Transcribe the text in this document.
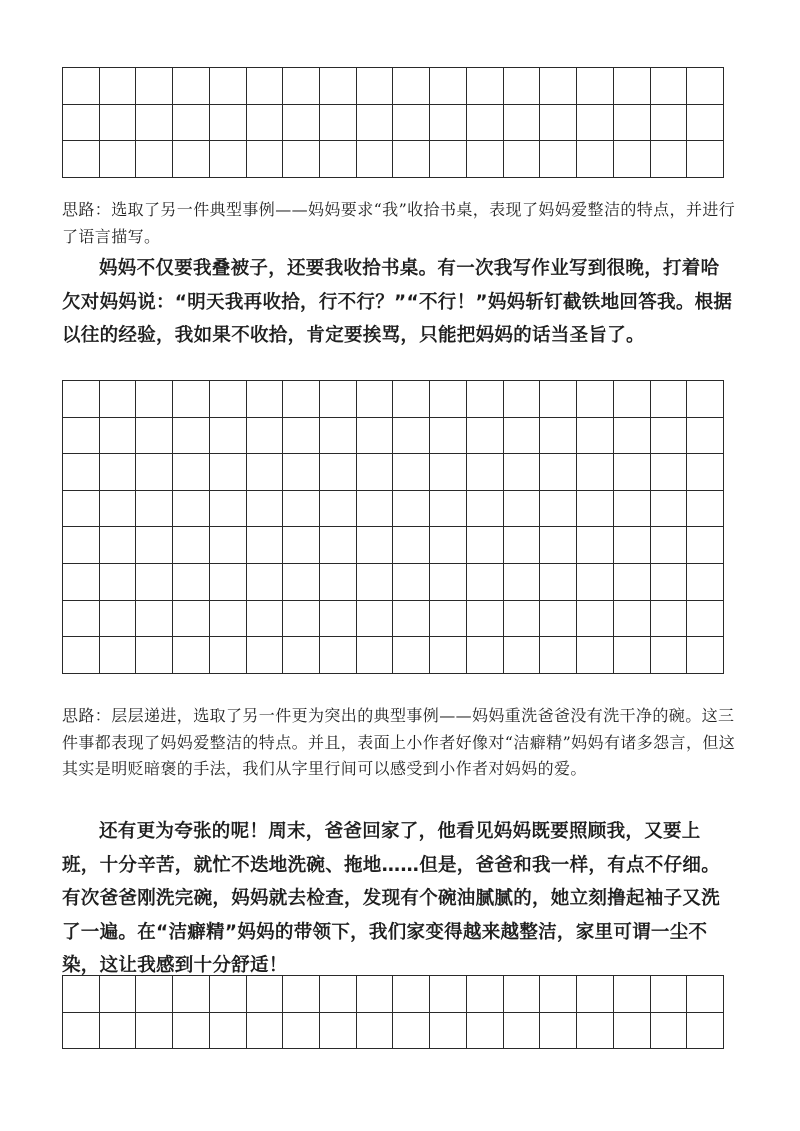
思路：选取了另一件典型事例——妈妈要求“我”收拾书桌，表现了妈妈爱整洁的特点，并进行了语言描写。

妈妈不仅要我叠被子，还要我收拾书桌。有一次我写作业写到很晚，打着哈欠对妈妈说：“明天我再收拾，行不行？”“不行！”妈妈斩钉截铁地回答我。根据以往的经验，我如果不收拾，肯定要挨骂，只能把妈妈的话当圣旨了。

思路：层层递进，选取了另一件更为突出的典型事例——妈妈重洗爸爸没有洗干净的碗。这三件事都表现了妈妈爱整洁的特点。并且，表面上小作者好像对“洁癖精”妈妈有诸多怨言，但这其实是明贬暗褒的手法，我们从字里行间可以感受到小作者对妈妈的爱。

还有更为夸张的呢！周末，爸爸回家了，他看见妈妈既要照顾我，又要上班，十分辛苦，就忙不迭地洗碗、拖地……但是，爸爸和我一样，有点不仔细。有次爸爸刚洗完碗，妈妈就去检查，发现有个碗油腻腻的，她立刻撸起袖子又洗了一遍。在“洁癖精”妈妈的带领下，我们家变得越来越整洁，家里可谓一尘不染，这让我感到十分舒适！
